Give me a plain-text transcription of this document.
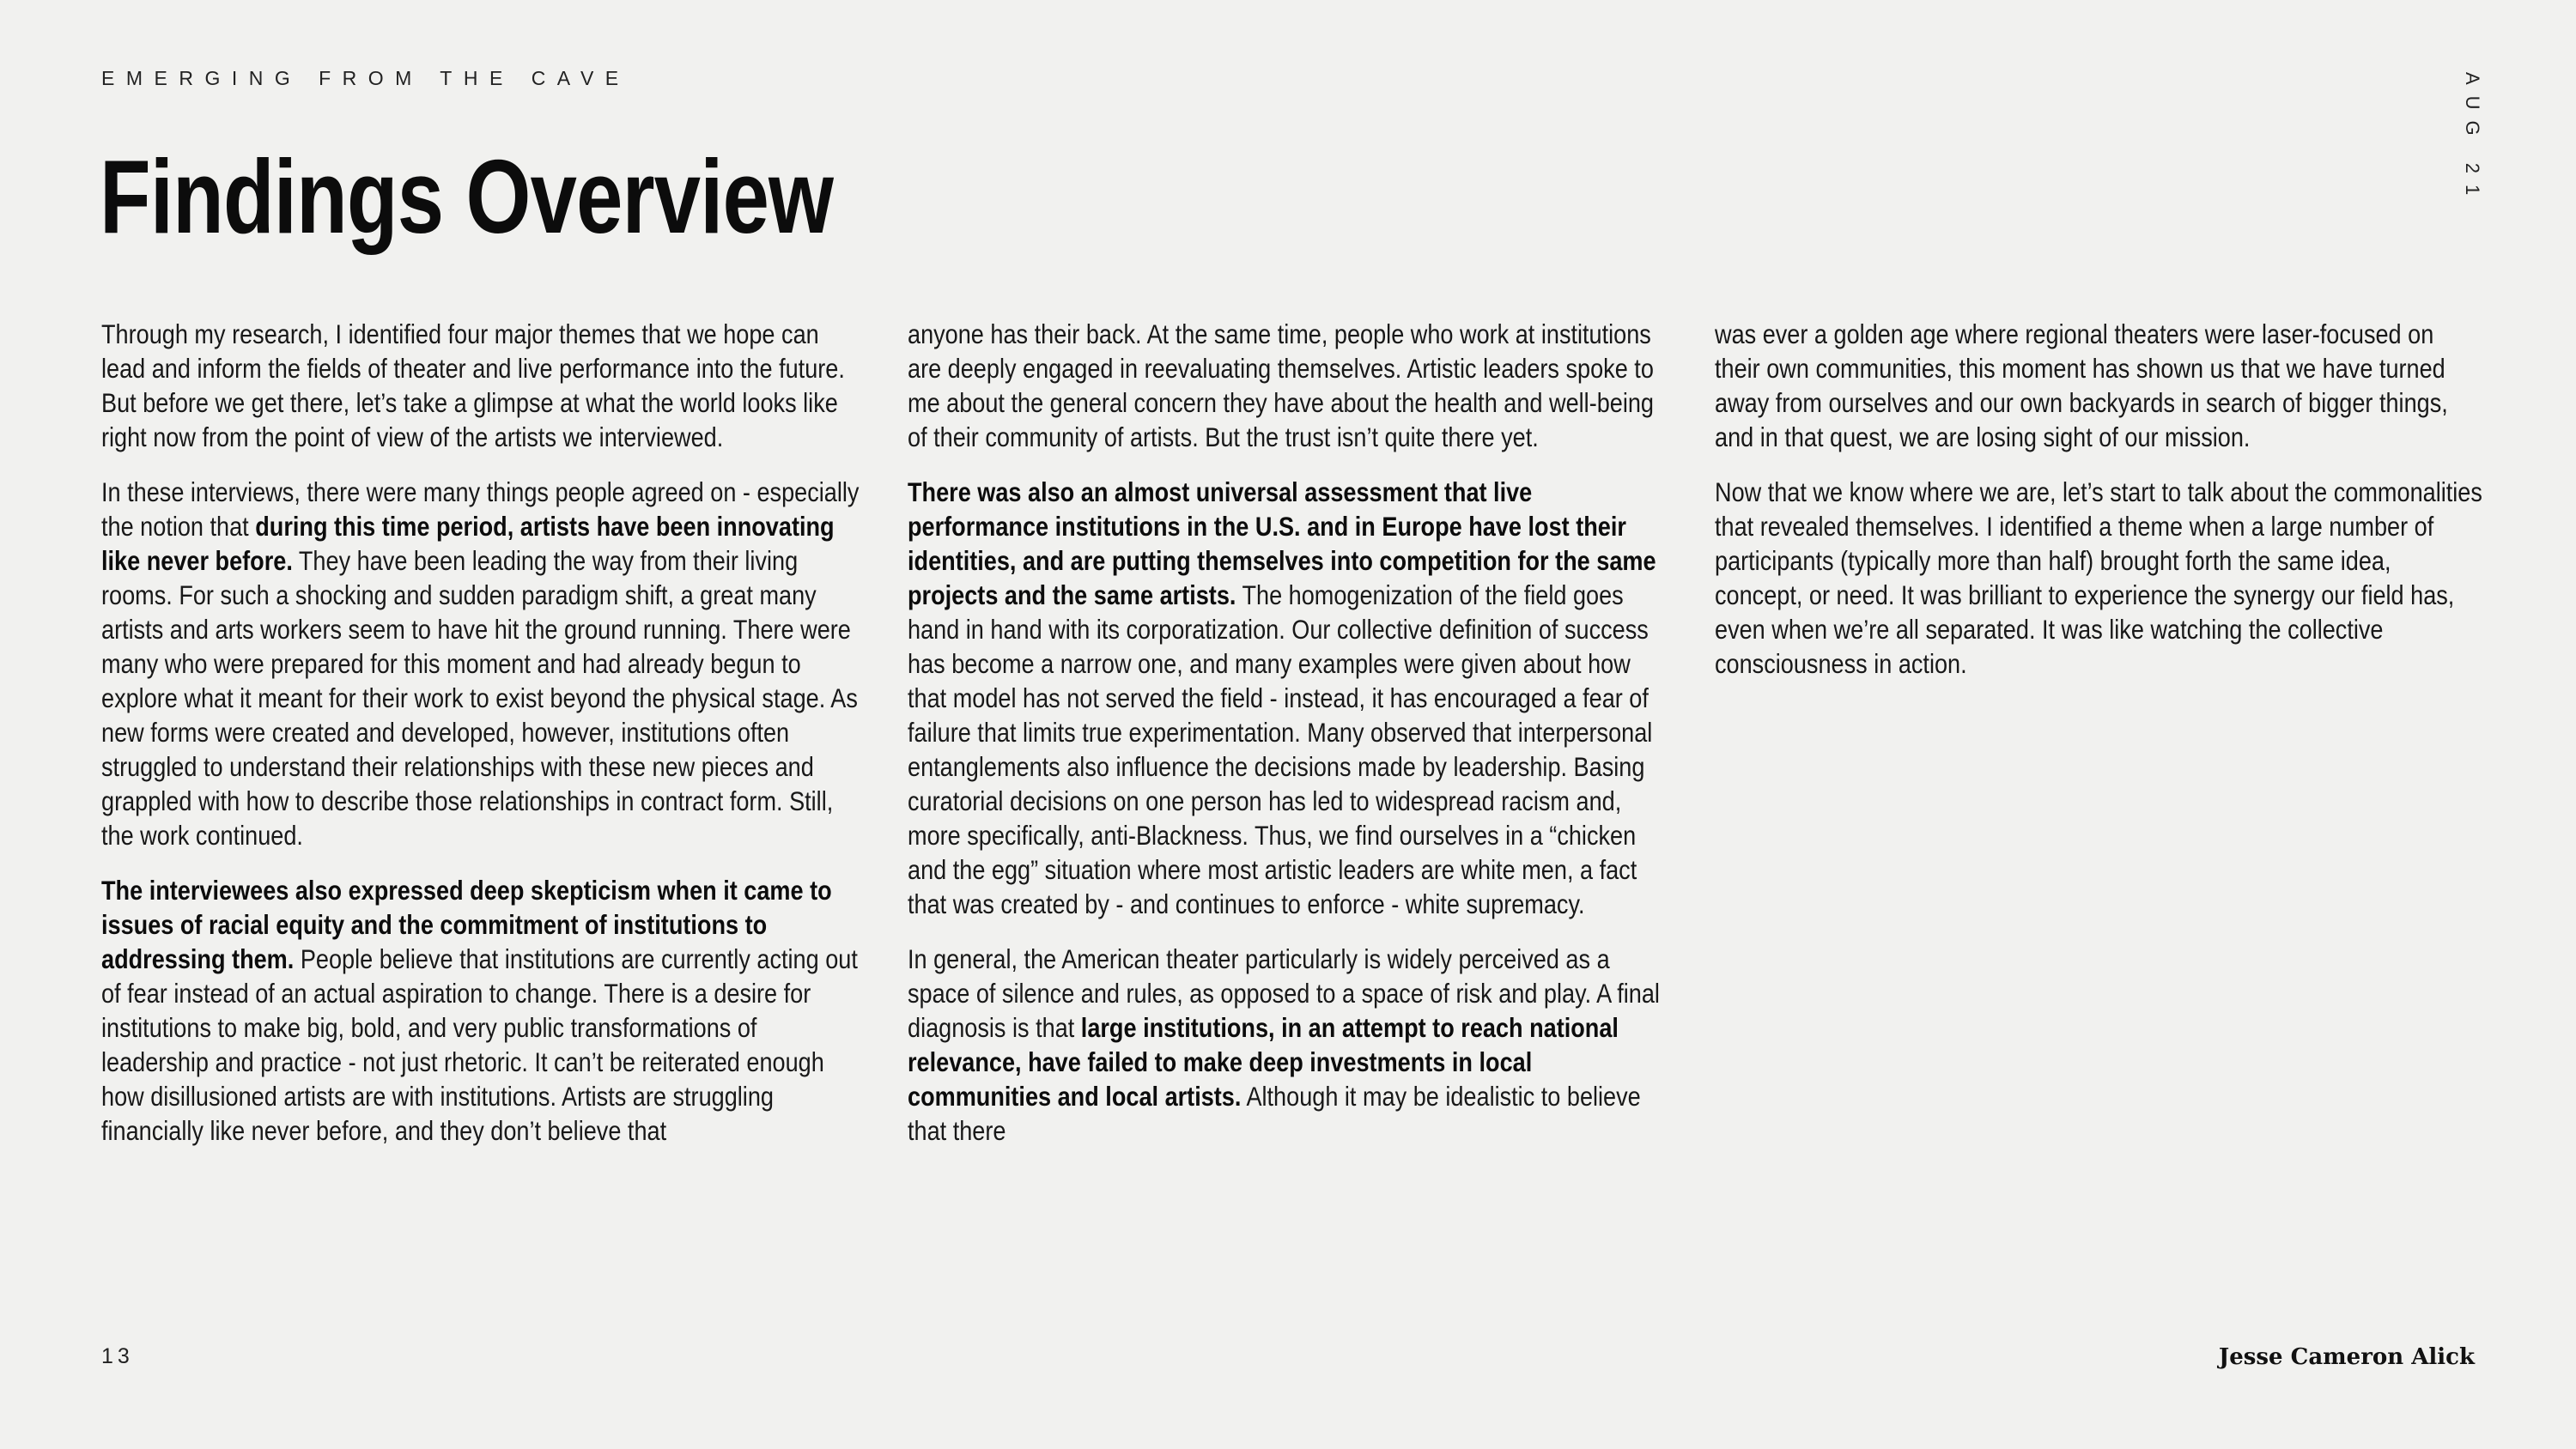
EMERGING FROM THE CAVE	AUG 21
Findings Overview

Through my research, I identified four major themes that we hope can lead and inform the fields of theater and live performance into the future. But before we get there, let’s take a glimpse at what the world looks like right now from the point of view of the artists we interviewed.

In these interviews, there were many things people agreed on - especially the notion that during this time period, artists have been innovating like never before. They have been leading the way from their living rooms. For such a shocking and sudden paradigm shift, a great many artists and arts workers seem to have hit the ground running. There were many who were prepared for this moment and had already begun to explore what it meant for their work to exist beyond the physical stage. As new forms were created and developed, however, institutions often struggled to understand their relationships with these new pieces and grappled with how to describe those relationships in contract form. Still, the work continued.

The interviewees also expressed deep skepticism when it came to issues of racial equity and the commitment of institutions to addressing them. People believe that institutions are currently acting out of fear instead of an actual aspiration to change. There is a desire for institutions to make big, bold, and very public transformations of leadership and practice - not just rhetoric. It can’t be reiterated enough how disillusioned artists are with institutions. Artists are struggling financially like never before, and they don’t believe that

anyone has their back. At the same time, people who work at institutions are deeply engaged in reevaluating themselves. Artistic leaders spoke to me about the general concern they have about the health and well-being of their community of artists. But the trust isn’t quite there yet.

There was also an almost universal assessment that live performance institutions in the U.S. and in Europe have lost their identities, and are putting themselves into competition for the same projects and the same artists. The homogenization of the field goes hand in hand with its corporatization. Our collective definition of success has become a narrow one, and many examples were given about how that model has not served the field - instead, it has encouraged a fear of failure that limits true experimentation. Many observed that interpersonal entanglements also influence the decisions made by leadership. Basing curatorial decisions on one person has led to widespread racism and, more specifically, anti-Blackness. Thus, we find ourselves in a “chicken and the egg” situation where most artistic leaders are white men, a fact that was created by - and continues to enforce - white supremacy.

In general, the American theater particularly is widely perceived as a space of silence and rules, as opposed to a space of risk and play. A final diagnosis is that large institutions, in an attempt to reach national relevance, have failed to make deep investments in local communities and local artists. Although it may be idealistic to believe that there

was ever a golden age where regional theaters were laser-focused on their own communities, this moment has shown us that we have turned away from ourselves and our own backyards in search of bigger things, and in that quest, we are losing sight of our mission.

Now that we know where we are, let’s start to talk about the commonalities that revealed themselves. I identified a theme when a large number of participants (typically more than half) brought forth the same idea, concept, or need. It was brilliant to experience the synergy our field has, even when we’re all separated. It was like watching the collective consciousness in action.

13	Jesse Cameron Alick
